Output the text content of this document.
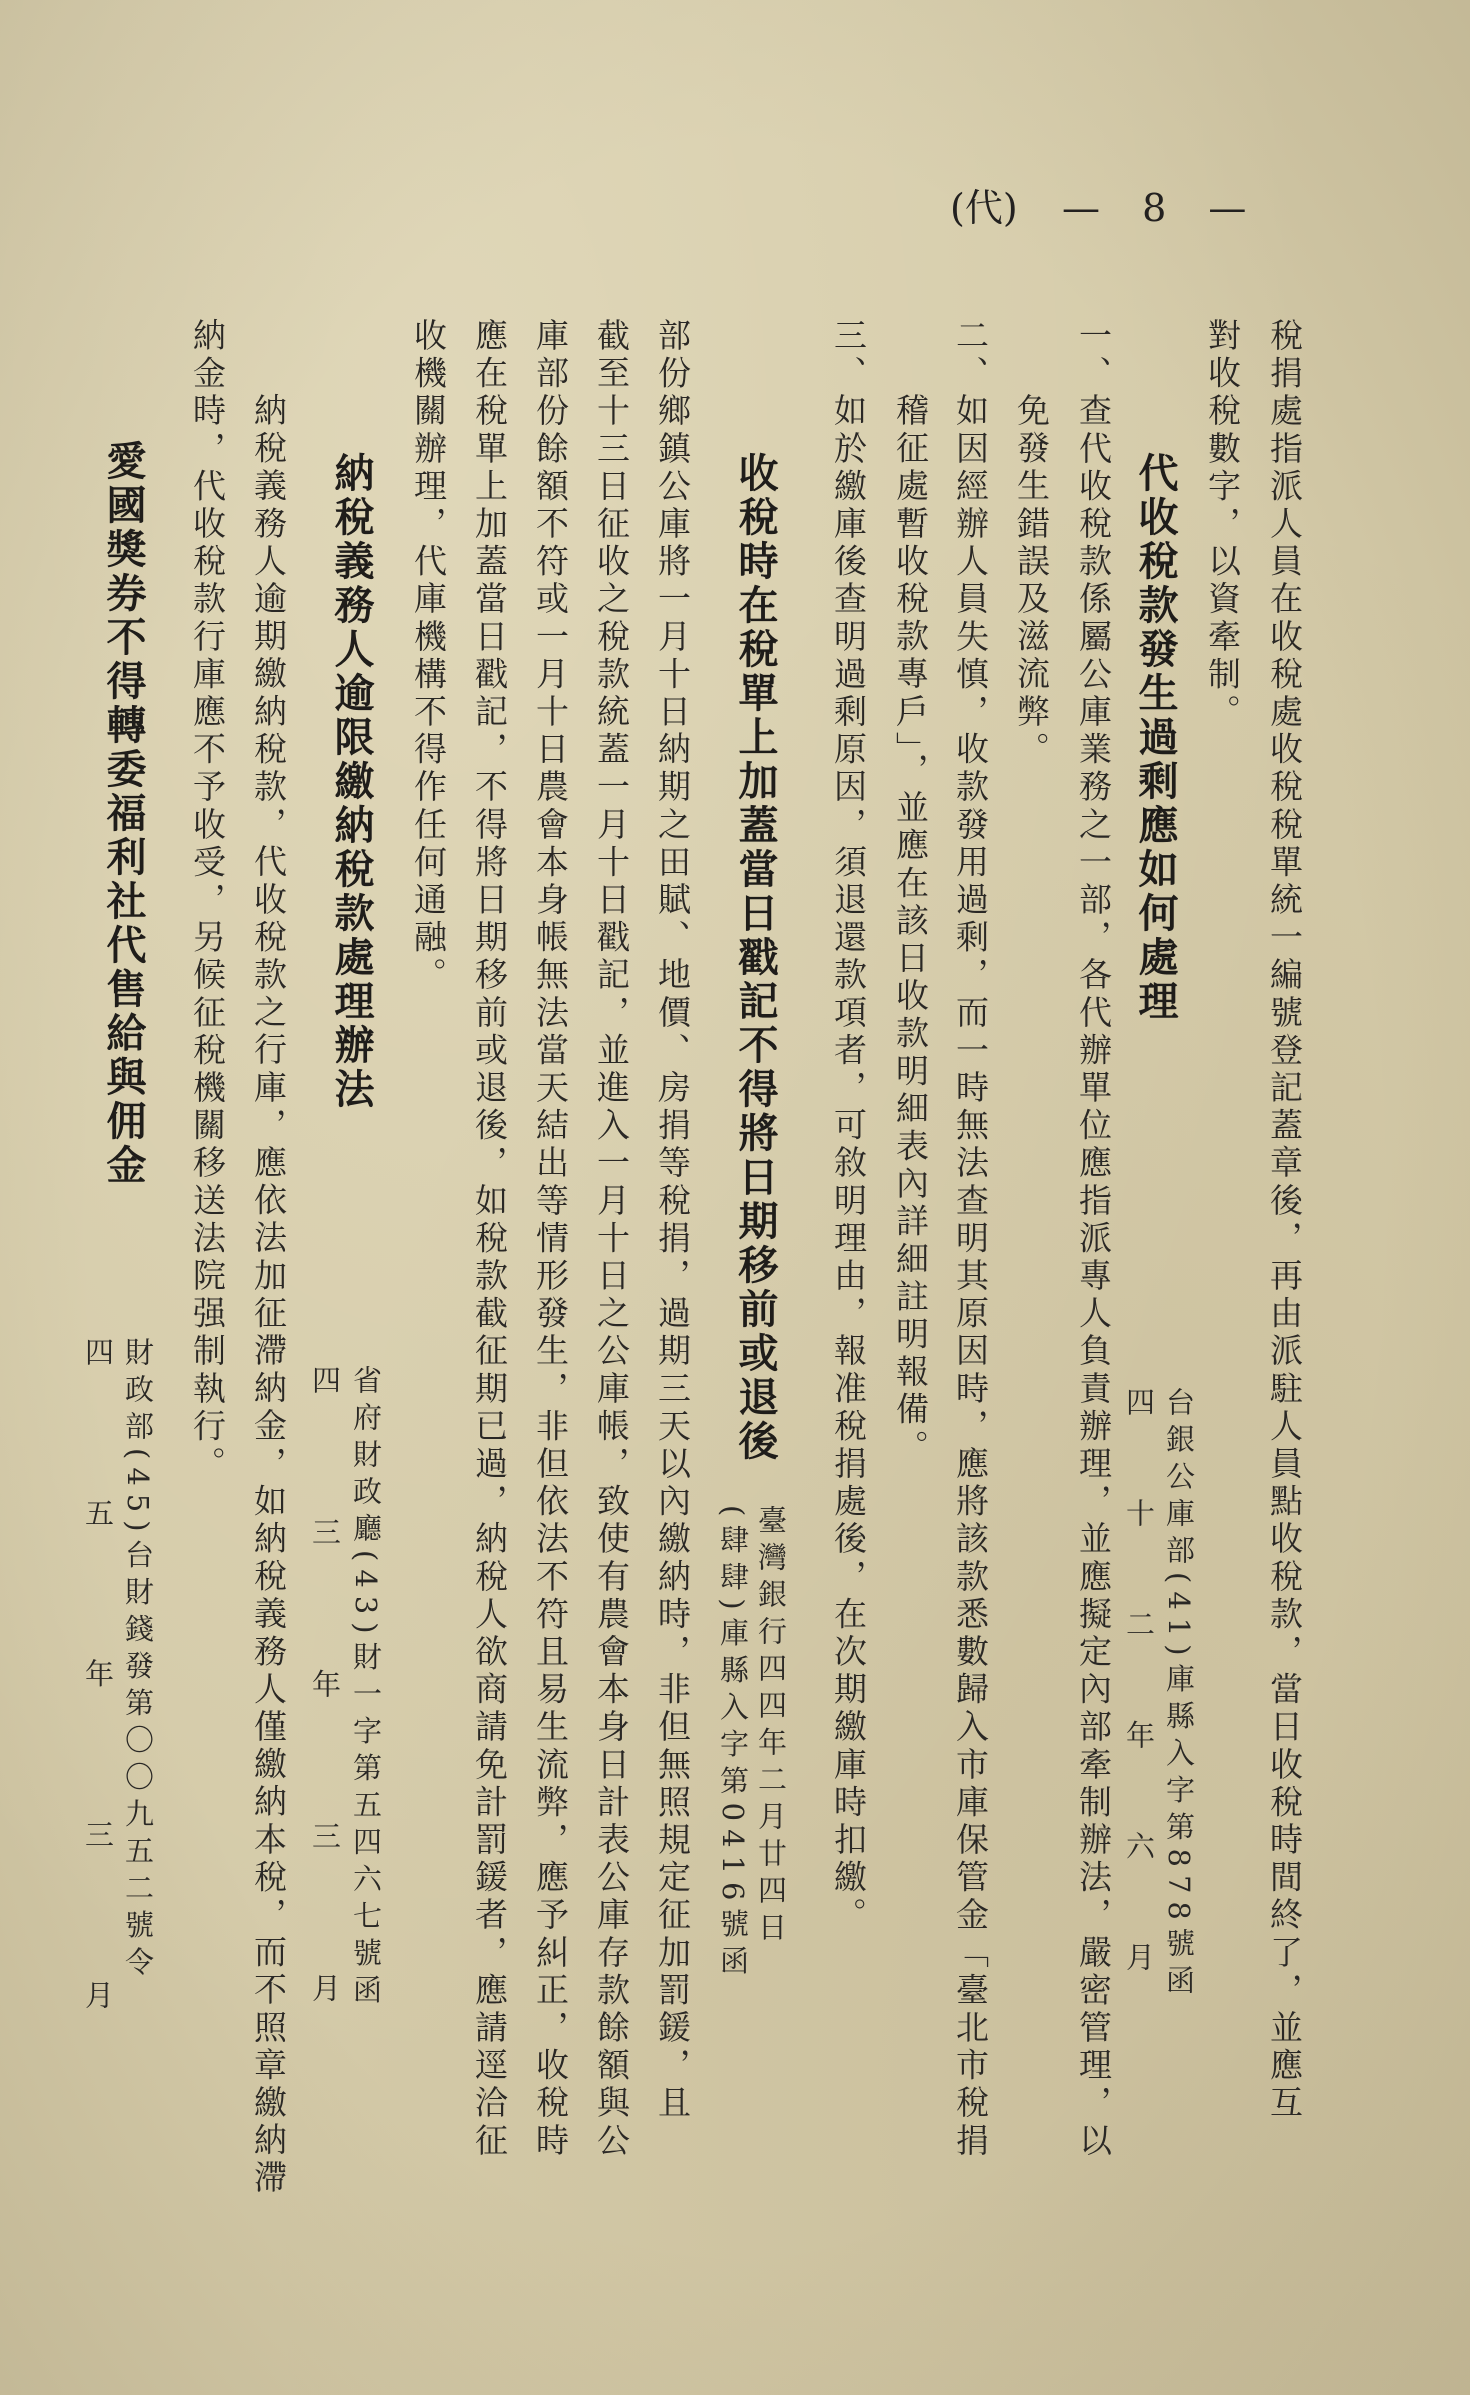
(代) — 8 —
稅捐處指派人員在收稅處收稅稅單統一編號登記蓋章後，再由派駐人員點收稅款，當日收稅時間終了，並應互
對收稅數字，以資牽制。
代收稅款發生過剩應如何處理
台銀公庫部(41)庫縣入字第878號函
四十二年六月
一、查代收稅款係屬公庫業務之一部，各代辦單位應指派專人負責辦理，並應擬定內部牽制辦法，嚴密管理，以
免發生錯誤及滋流弊。
二、如因經辦人員失慎，收款發用過剩，而一時無法查明其原因時，應將該款悉數歸入市庫保管金「臺北市稅捐
稽征處暫收稅款專戶」，並應在該日收款明細表內詳細註明報備。
三、如於繳庫後查明過剩原因，須退還款項者，可敘明理由，報准稅捐處後，在次期繳庫時扣繳。
收稅時在稅單上加蓋當日戳記不得將日期移前或退後
臺灣銀行四四年二月廿四日
(肆肆)庫縣入字第0416號函
部份鄉鎮公庫將一月十日納期之田賦、地價、房捐等稅捐，過期三天以內繳納時，非但無照規定征加罰鍰，且
截至十三日征收之稅款統蓋一月十日戳記，並進入一月十日之公庫帳，致使有農會本身日計表公庫存款餘額與公
庫部份餘額不符或一月十日農會本身帳無法當天結出等情形發生，非但依法不符且易生流弊，應予糾正，收稅時
應在稅單上加蓋當日戳記，不得將日期移前或退後，如稅款截征期已過，納稅人欲商請免計罰鍰者，應請逕洽征
收機關辦理，代庫機構不得作任何通融。
納稅義務人逾限繳納稅款處理辦法
省府財政廳(43)財一字第五四六七號函
四三年三月
納稅義務人逾期繳納稅款，代收稅款之行庫，應依法加征滯納金，如納稅義務人僅繳納本稅，而不照章繳納滯
納金時，代收稅款行庫應不予收受，另候征稅機關移送法院强制執行。
愛國獎券不得轉委福利社代售給與佣金
財政部(45)台財錢發第〇〇九五二號令
四五年三月
